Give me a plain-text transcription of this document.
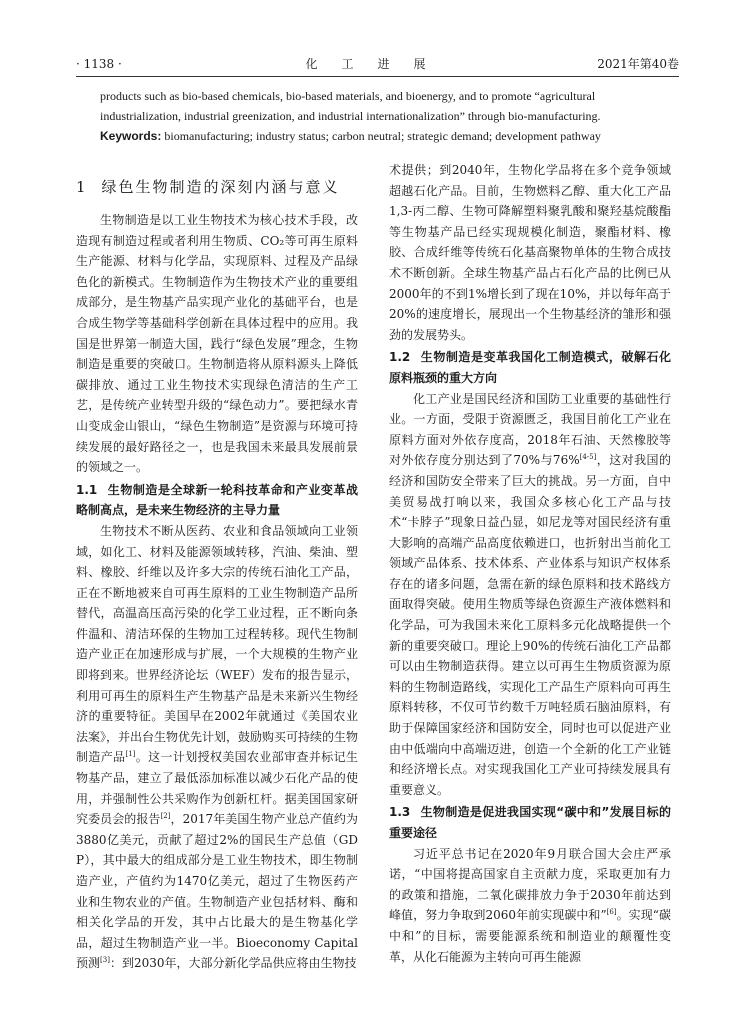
· 1138 ·	化工进展	2021年第40卷

products such as bio-based chemicals, bio-based materials, and bioenergy, and to promote “agricultural industrialization, industrial greenization, and industrial internationalization” through bio-manufacturing.

Keywords: biomanufacturing; industry status; carbon neutral; strategic demand; development pathway

1 绿色生物制造的深刻内涵与意义

生物制造是以工业生物技术为核心技术手段，改造现有制造过程或者利用生物质、CO₂等可再生原料生产能源、材料与化学品，实现原料、过程及产品绿色化的新模式。生物制造作为生物技术产业的重要组成部分，是生物基产品实现产业化的基础平台，也是合成生物学等基础科学创新在具体过程中的应用。我国是世界第一制造大国，践行“绿色发展”理念，生物制造是重要的突破口。生物制造将从原料源头上降低碳排放、通过工业生物技术实现绿色清洁的生产工艺，是传统产业转型升级的“绿色动力”。要把绿水青山变成金山银山，“绿色生物制造”是资源与环境可持续发展的最好路径之一，也是我国未来最具发展前景的领域之一。

1.1 生物制造是全球新一轮科技革命和产业变革战略制高点，是未来生物经济的主导力量

生物技术不断从医药、农业和食品领域向工业领域，如化工、材料及能源领域转移，汽油、柴油、塑料、橡胶、纤维以及许多大宗的传统石油化工产品，正在不断地被来自可再生原料的工业生物制造产品所替代，高温高压高污染的化学工业过程，正不断向条件温和、清洁环保的生物加工过程转移。现代生物制造产业正在加速形成与扩展，一个大规模的生物产业即将到来。世界经济论坛（WEF）发布的报告显示，利用可再生的原料生产生物基产品是未来新兴生物经济的重要特征。美国早在2002年就通过《美国农业法案》，并出台生物优先计划，鼓励购买可持续的生物制造产品[1]。这一计划授权美国农业部审查并标记生物基产品，建立了最低添加标准以减少石化产品的使用，并强制性公共采购作为创新杠杆。据美国国家研究委员会的报告[2]，2017年美国生物产业总产值约为3880亿美元，贡献了超过2%的国民生产总值（GDP），其中最大的组成部分是工业生物技术，即生物制造产业，产值约为1470亿美元，超过了生物医药产业和生物农业的产值。生物制造产业包括材料、酶和相关化学品的开发，其中占比最大的是生物基化学品，超过生物制造产业一半。Bioeconomy Capital预测[3]：到2030年，大部分新化学品供应将由生物技

术提供；到2040年，生物化学品将在多个竞争领域超越石化产品。目前，生物燃料乙醇、重大化工产品1,3-丙二醇、生物可降解塑料聚乳酸和聚羟基烷酸酯等生物基产品已经实现规模化制造，聚酯材料、橡胶、合成纤维等传统石化基高聚物单体的生物合成技术不断创新。全球生物基产品占石化产品的比例已从2000年的不到1%增长到了现在10%，并以每年高于20%的速度增长，展现出一个生物基经济的雏形和强劲的发展势头。

1.2 生物制造是变革我国化工制造模式，破解石化原料瓶颈的重大方向

化工产业是国民经济和国防工业重要的基础性行业。一方面，受限于资源匮乏，我国目前化工产业在原料方面对外依存度高，2018年石油、天然橡胶等对外依存度分别达到了70%与76%[4-5]，这对我国的经济和国防安全带来了巨大的挑战。另一方面，自中美贸易战打响以来，我国众多核心化工产品与技术“卡脖子”现象日益凸显，如尼龙等对国民经济有重大影响的高端产品高度依赖进口，也折射出当前化工领域产品体系、技术体系、产业体系与知识产权体系存在的诸多问题，急需在新的绿色原料和技术路线方面取得突破。使用生物质等绿色资源生产液体燃料和化学品，可为我国未来化工原料多元化战略提供一个新的重要突破口。理论上90%的传统石油化工产品都可以由生物制造获得。建立以可再生生物质资源为原料的生物制造路线，实现化工产品生产原料向可再生原料转移，不仅可节约数千万吨轻质石脑油原料，有助于保障国家经济和国防安全，同时也可以促进产业由中低端向中高端迈进，创造一个全新的化工产业链和经济增长点。对实现我国化工产业可持续发展具有重要意义。

1.3 生物制造是促进我国实现“碳中和”发展目标的重要途径

习近平总书记在2020年9月联合国大会庄严承诺，“中国将提高国家自主贡献力度，采取更加有力的政策和措施，二氧化碳排放力争于2030年前达到峰值，努力争取到2060年前实现碳中和”[6]。实现“碳中和”的目标，需要能源系统和制造业的颠覆性变革，从化石能源为主转向可再生能源
